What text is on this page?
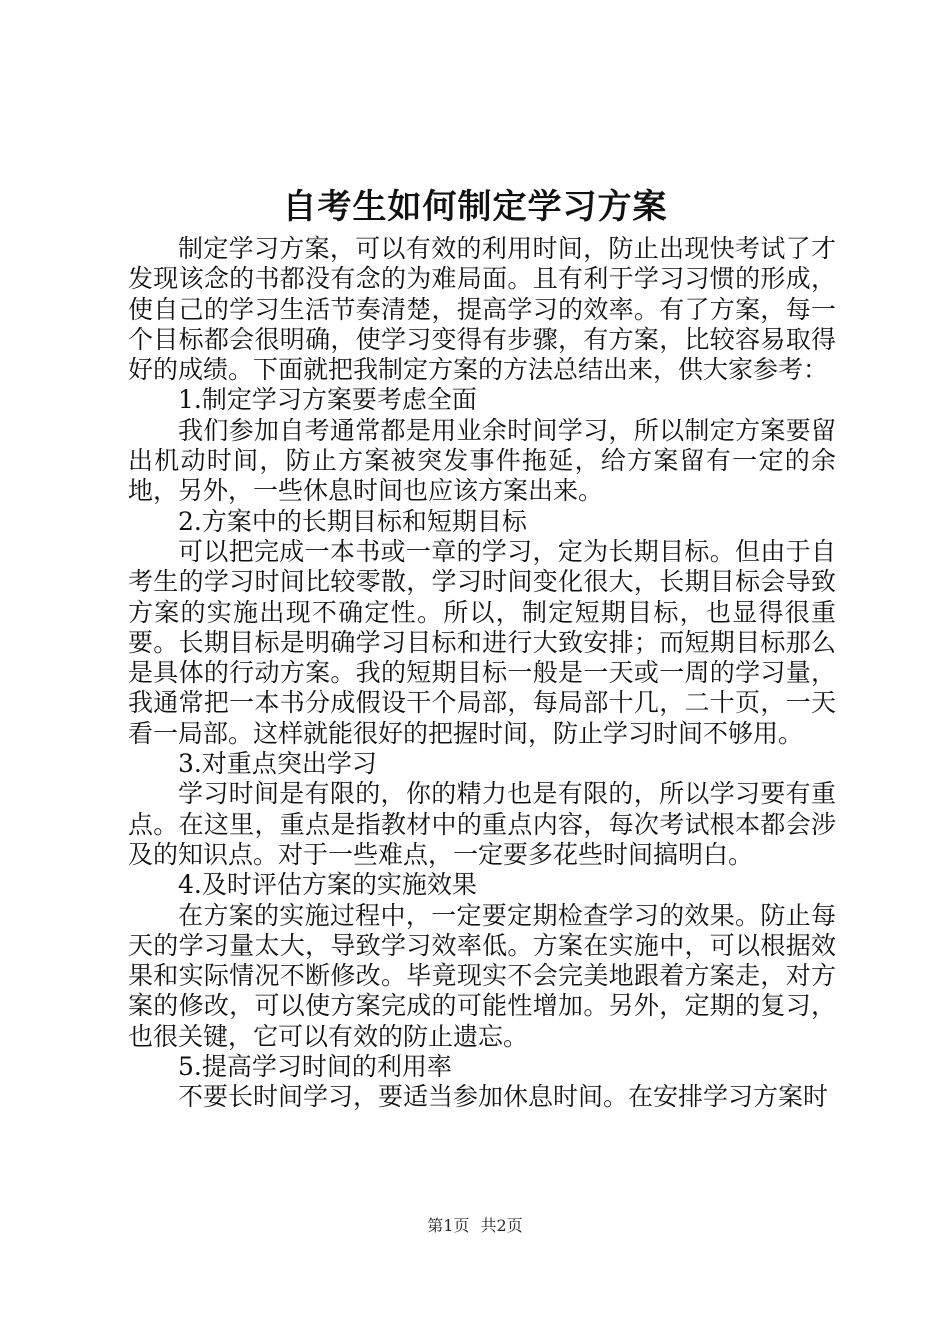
自考生如何制定学习方案

制定学习方案，可以有效的利用时间，防止出现快考试了才发现该念的书都没有念的为难局面。且有利于学习习惯的形成，使自己的学习生活节奏清楚，提高学习的效率。有了方案，每一个目标都会很明确，使学习变得有步骤，有方案，比较容易取得好的成绩。下面就把我制定方案的方法总结出来，供大家参考：

1.制定学习方案要考虑全面

我们参加自考通常都是用业余时间学习，所以制定方案要留出机动时间，防止方案被突发事件拖延，给方案留有一定的余地，另外，一些休息时间也应该方案出来。

2.方案中的长期目标和短期目标

可以把完成一本书或一章的学习，定为长期目标。但由于自考生的学习时间比较零散，学习时间变化很大，长期目标会导致方案的实施出现不确定性。所以，制定短期目标，也显得很重要。长期目标是明确学习目标和进行大致安排；而短期目标那么是具体的行动方案。我的短期目标一般是一天或一周的学习量，我通常把一本书分成假设干个局部，每局部十几，二十页，一天看一局部。这样就能很好的把握时间，防止学习时间不够用。

3.对重点突出学习

学习时间是有限的，你的精力也是有限的，所以学习要有重点。在这里，重点是指教材中的重点内容，每次考试根本都会涉及的知识点。对于一些难点，一定要多花些时间搞明白。

4.及时评估方案的实施效果

在方案的实施过程中，一定要定期检查学习的效果。防止每天的学习量太大，导致学习效率低。方案在实施中，可以根据效果和实际情况不断修改。毕竟现实不会完美地跟着方案走，对方案的修改，可以使方案完成的可能性增加。另外，定期的复习，也很关键，它可以有效的防止遗忘。

5.提高学习时间的利用率

不要长时间学习，要适当参加休息时间。在安排学习方案时

第1页 共2页
